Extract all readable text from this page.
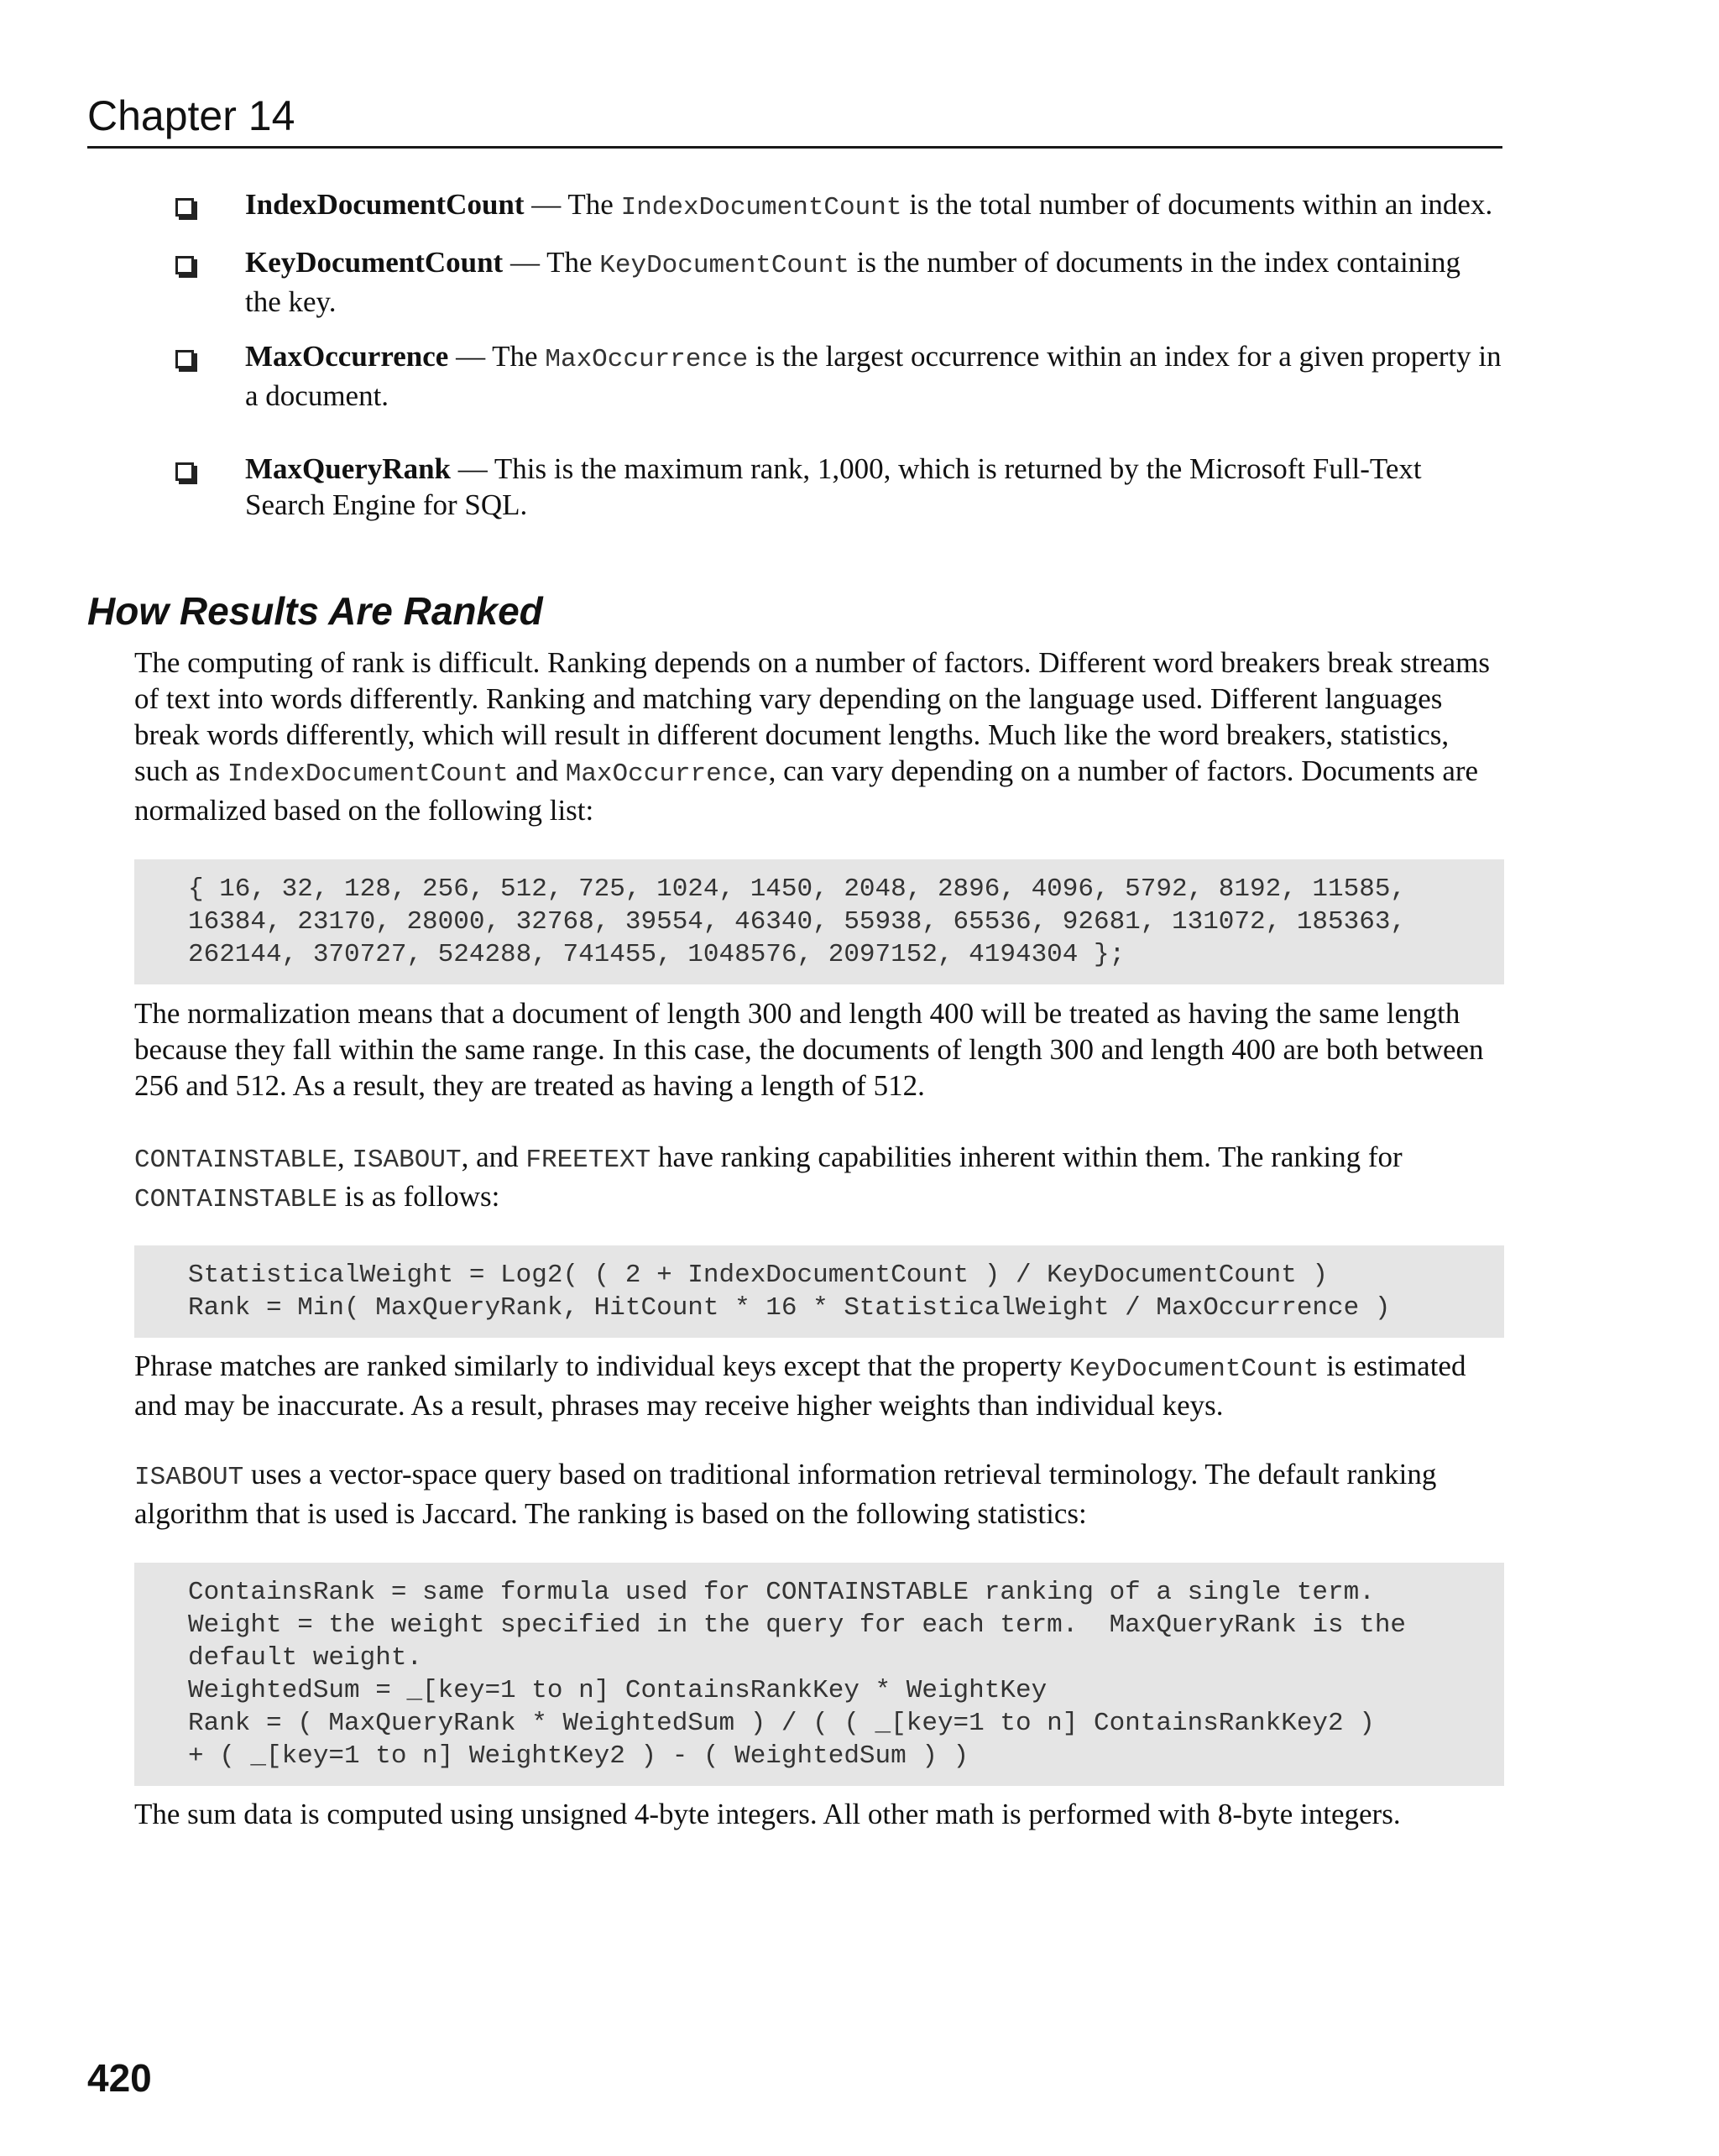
Chapter 14
IndexDocumentCount — The IndexDocumentCount is the total number of documents within an index.
KeyDocumentCount — The KeyDocumentCount is the number of documents in the index containing the key.
MaxOccurrence — The MaxOccurrence is the largest occurrence within an index for a given property in a document.
MaxQueryRank — This is the maximum rank, 1,000, which is returned by the Microsoft Full-Text Search Engine for SQL.
How Results Are Ranked

The computing of rank is difficult. Ranking depends on a number of factors. Different word breakers break streams of text into words differently. Ranking and matching vary depending on the language used. Different languages break words differently, which will result in different document lengths. Much like the word breakers, statistics, such as IndexDocumentCount and MaxOccurrence, can vary depending on a number of factors. Documents are normalized based on the following list:

{ 16, 32, 128, 256, 512, 725, 1024, 1450, 2048, 2896, 4096, 5792, 8192, 11585,
16384, 23170, 28000, 32768, 39554, 46340, 55938, 65536, 92681, 131072, 185363,
262144, 370727, 524288, 741455, 1048576, 2097152, 4194304 };

The normalization means that a document of length 300 and length 400 will be treated as having the same length because they fall within the same range. In this case, the documents of length 300 and length 400 are both between 256 and 512. As a result, they are treated as having a length of 512.

CONTAINSTABLE, ISABOUT, and FREETEXT have ranking capabilities inherent within them. The ranking for CONTAINSTABLE is as follows:

StatisticalWeight = Log2( ( 2 + IndexDocumentCount ) / KeyDocumentCount )
Rank = Min( MaxQueryRank, HitCount * 16 * StatisticalWeight / MaxOccurrence )

Phrase matches are ranked similarly to individual keys except that the property KeyDocumentCount is estimated and may be inaccurate. As a result, phrases may receive higher weights than individual keys.

ISABOUT uses a vector-space query based on traditional information retrieval terminology. The default ranking algorithm that is used is Jaccard. The ranking is based on the following statistics:

ContainsRank = same formula used for CONTAINSTABLE ranking of a single term.
Weight = the weight specified in the query for each term.  MaxQueryRank is the
default weight.
WeightedSum = _[key=1 to n] ContainsRankKey * WeightKey
Rank = ( MaxQueryRank * WeightedSum ) / ( ( _[key=1 to n] ContainsRankKey2 )
+ ( _[key=1 to n] WeightKey2 ) - ( WeightedSum ) )

The sum data is computed using unsigned 4-byte integers. All other math is performed with 8-byte integers.

420
